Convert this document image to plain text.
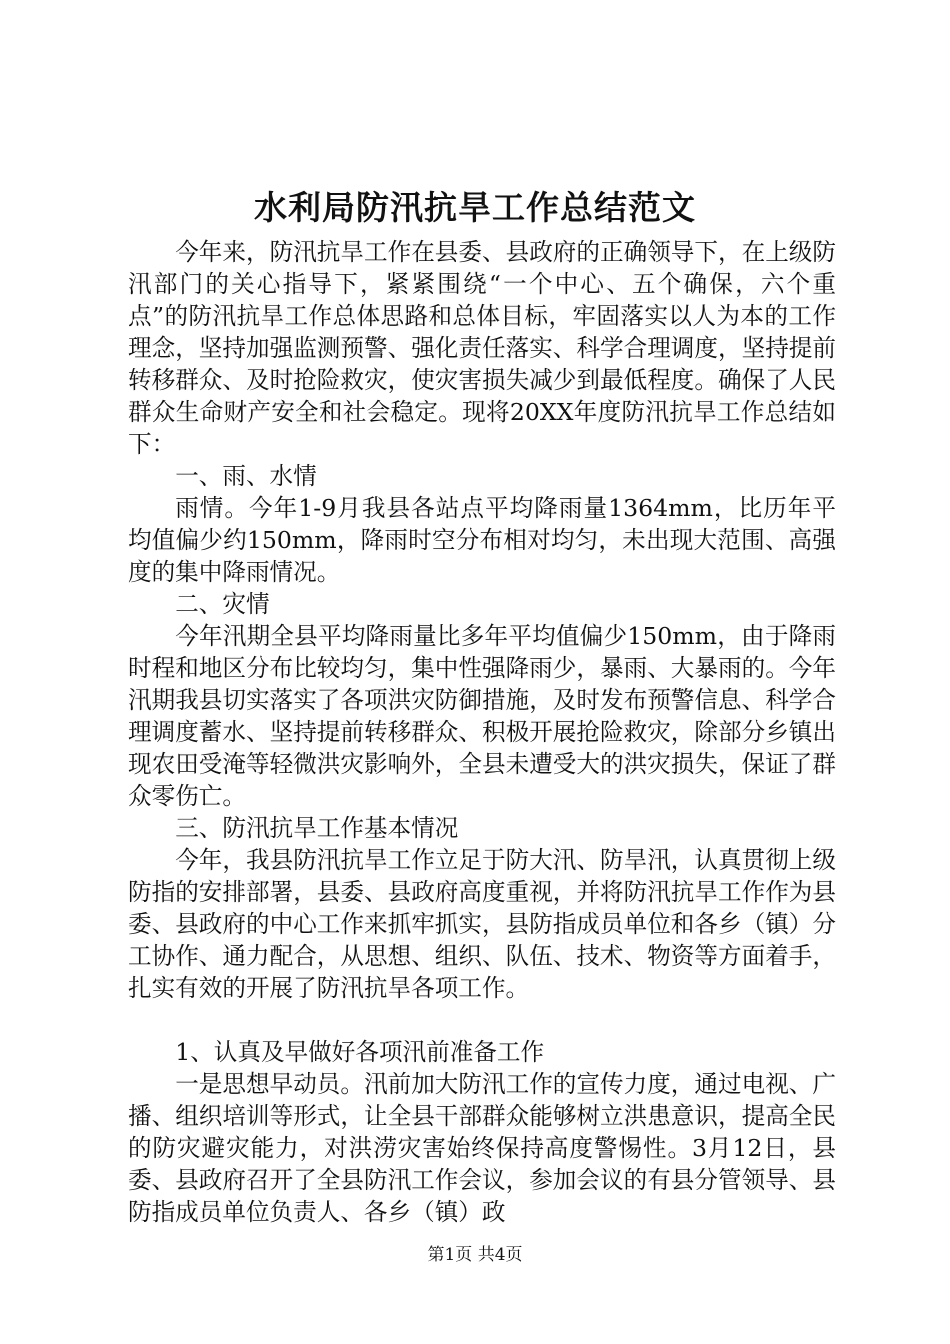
水利局防汛抗旱工作总结范文

今年来，防汛抗旱工作在县委、县政府的正确领导下，在上级防汛部门的关心指导下，紧紧围绕“一个中心、五个确保，六个重点”的防汛抗旱工作总体思路和总体目标，牢固落实以人为本的工作理念，坚持加强监测预警、强化责任落实、科学合理调度，坚持提前转移群众、及时抢险救灾，使灾害损失减少到最低程度。确保了人民群众生命财产安全和社会稳定。现将20XX年度防汛抗旱工作总结如下：

一、雨、水情

雨情。今年1-9月我县各站点平均降雨量1364mm，比历年平均值偏少约150mm，降雨时空分布相对均匀，未出现大范围、高强度的集中降雨情况。

二、灾情

今年汛期全县平均降雨量比多年平均值偏少150mm，由于降雨时程和地区分布比较均匀，集中性强降雨少，暴雨、大暴雨的。今年汛期我县切实落实了各项洪灾防御措施，及时发布预警信息、科学合理调度蓄水、坚持提前转移群众、积极开展抢险救灾，除部分乡镇出现农田受淹等轻微洪灾影响外，全县未遭受大的洪灾损失，保证了群众零伤亡。

三、防汛抗旱工作基本情况

今年，我县防汛抗旱工作立足于防大汛、防旱汛，认真贯彻上级防指的安排部署，县委、县政府高度重视，并将防汛抗旱工作作为县委、县政府的中心工作来抓牢抓实，县防指成员单位和各乡（镇）分工协作、通力配合，从思想、组织、队伍、技术、物资等方面着手，扎实有效的开展了防汛抗旱各项工作。

1、认真及早做好各项汛前准备工作

一是思想早动员。汛前加大防汛工作的宣传力度，通过电视、广播、组织培训等形式，让全县干部群众能够树立洪患意识，提高全民的防灾避灾能力，对洪涝灾害始终保持高度警惕性。3月12日，县委、县政府召开了全县防汛工作会议，参加会议的有县分管领导、县防指成员单位负责人、各乡（镇）政

第1页 共4页
